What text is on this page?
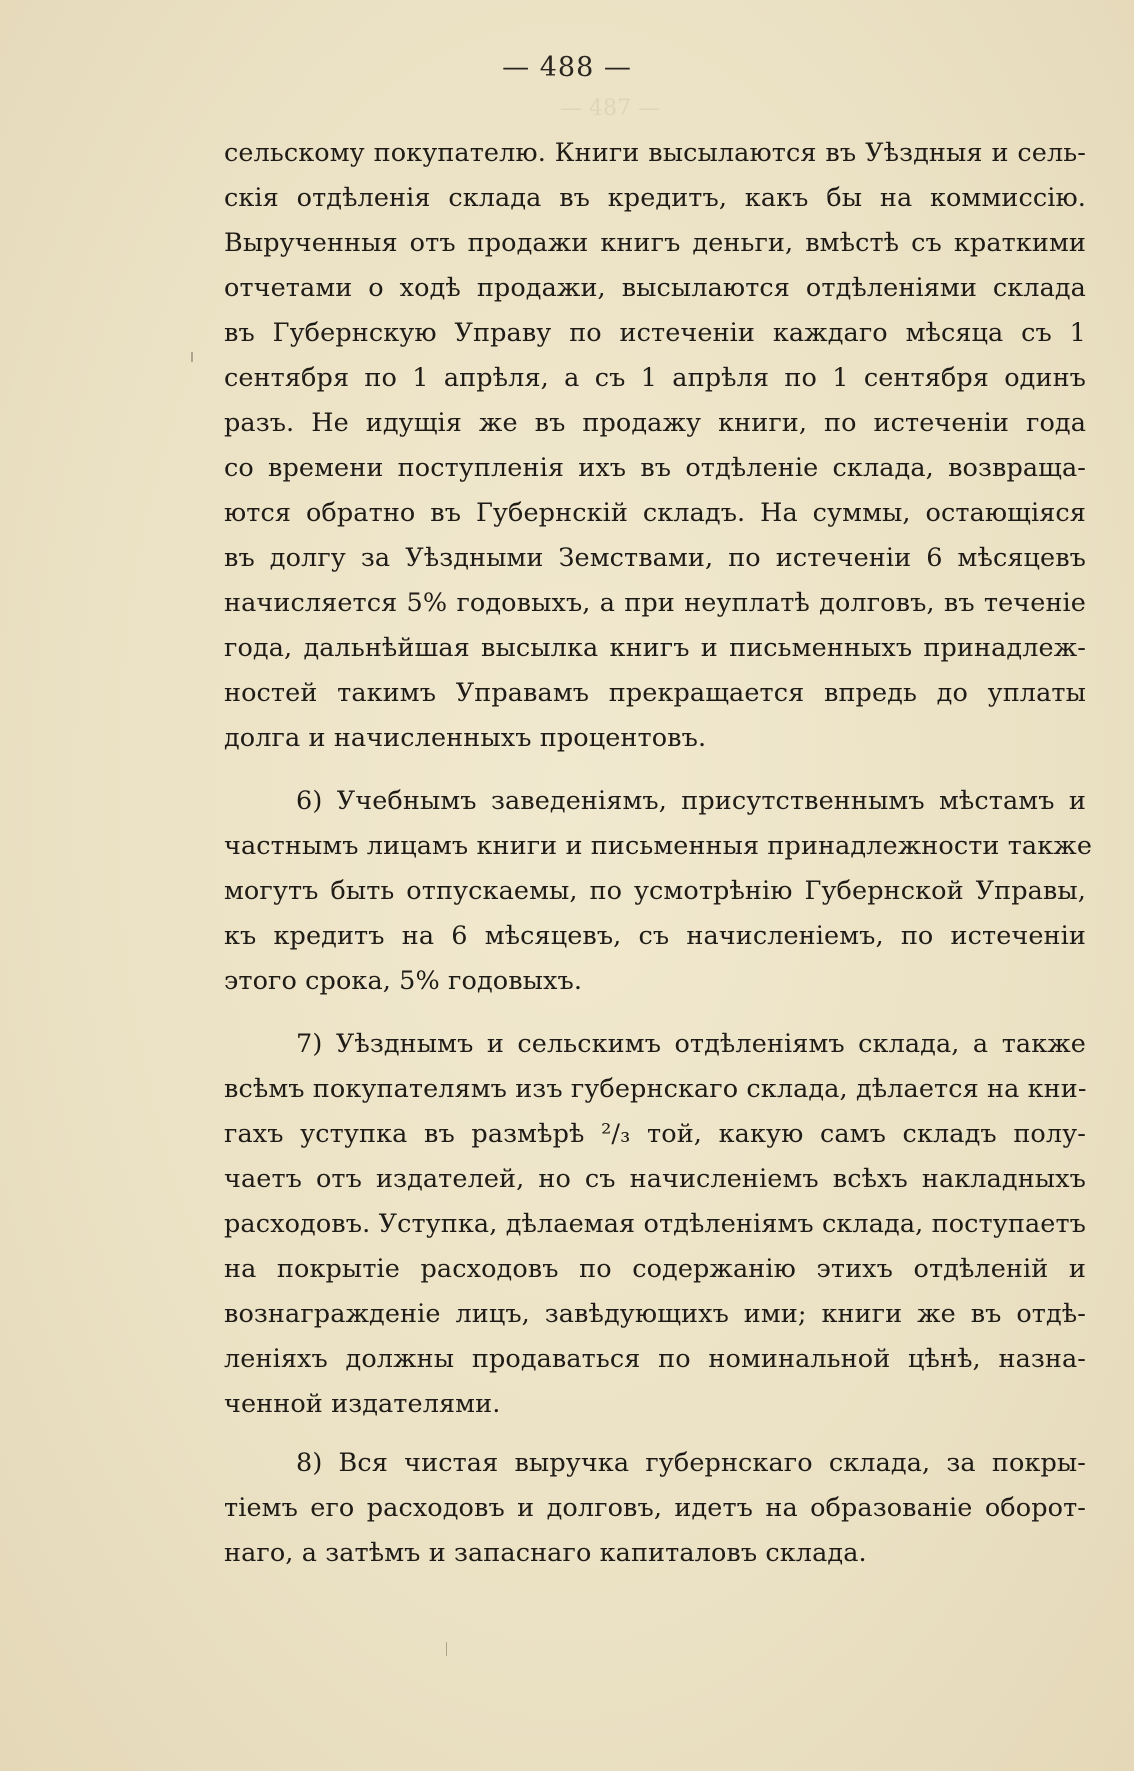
— 487 —
— 488 —
сельскому покупателю. Книги высылаются въ Уѣздныя и сель-
скія отдѣленія склада въ кредитъ, какъ бы на коммиссію.
Вырученныя отъ продажи книгъ деньги, вмѣстѣ съ краткими
отчетами о ходѣ продажи, высылаются отдѣленіями склада
въ Губернскую Управу по истеченіи каждаго мѣсяца съ 1
сентября по 1 апрѣля, а съ 1 апрѣля по 1 сентября одинъ
разъ. Не идущія же въ продажу книги, по истеченіи года
со времени поступленія ихъ въ отдѣленіе склада, возвраща-
ются обратно въ Губернскій складъ. На суммы, остающіяся
въ долгу за Уѣздными Земствами, по истеченіи 6 мѣсяцевъ
начисляется 5% годовыхъ, а при неуплатѣ долговъ, въ теченіе
года, дальнѣйшая высылка книгъ и письменныхъ принадлеж-
ностей такимъ Управамъ прекращается впредь до уплаты
долга и начисленныхъ процентовъ.
6) Учебнымъ заведеніямъ, присутственнымъ мѣстамъ и
частнымъ лицамъ книги и письменныя принадлежности также
могутъ быть отпускаемы, по усмотрѣнію Губернской Управы,
къ кредитъ на 6 мѣсяцевъ, съ начисленіемъ, по истеченіи
этого срока, 5% годовыхъ.
7) Уѣзднымъ и сельскимъ отдѣленіямъ склада, а также
всѣмъ покупателямъ изъ губернскаго склада, дѣлается на кни-
гахъ уступка въ размѣрѣ ²/₃ той, какую самъ складъ полу-
чаетъ отъ издателей, но съ начисленіемъ всѣхъ накладныхъ
расходовъ. Уступка, дѣлаемая отдѣленіямъ склада, поступаетъ
на покрытіе расходовъ по содержанію этихъ отдѣленій и
вознагражденіе лицъ, завѣдующихъ ими; книги же въ отдѣ-
леніяхъ должны продаваться по номинальной цѣнѣ, назна-
ченной издателями.
8) Вся чистая выручка губернскаго склада, за покры-
тіемъ его расходовъ и долговъ, идетъ на образованіе оборот-
наго, а затѣмъ и запаснаго капиталовъ склада.
